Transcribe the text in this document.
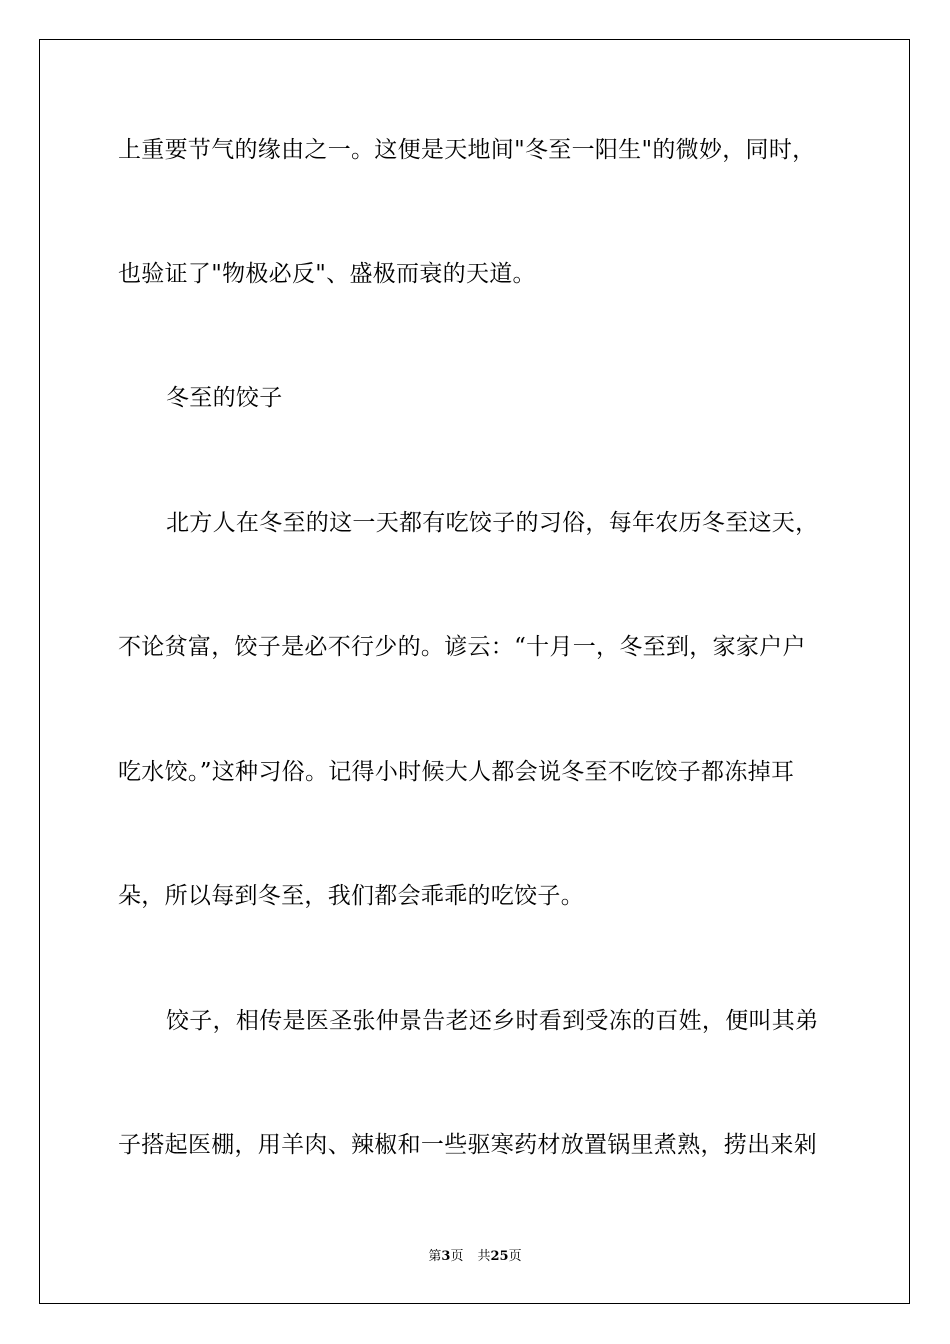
上重要节气的缘由之一。这便是天地间"冬至一阳生"的微妙，同时，
也验证了"物极必反"、盛极而衰的天道。
冬至的饺子
北方人在冬至的这一天都有吃饺子的习俗，每年农历冬至这天，
不论贫富，饺子是必不行少的。谚云：“十月一，冬至到，家家户户
吃水饺。”这种习俗。记得小时候大人都会说冬至不吃饺子都冻掉耳
朵，所以每到冬至，我们都会乖乖的吃饺子。
饺子，相传是医圣张仲景告老还乡时看到受冻的百姓，便叫其弟
子搭起医棚，用羊肉、辣椒和一些驱寒药材放置锅里煮熟，捞出来剁
第3页 共25页
